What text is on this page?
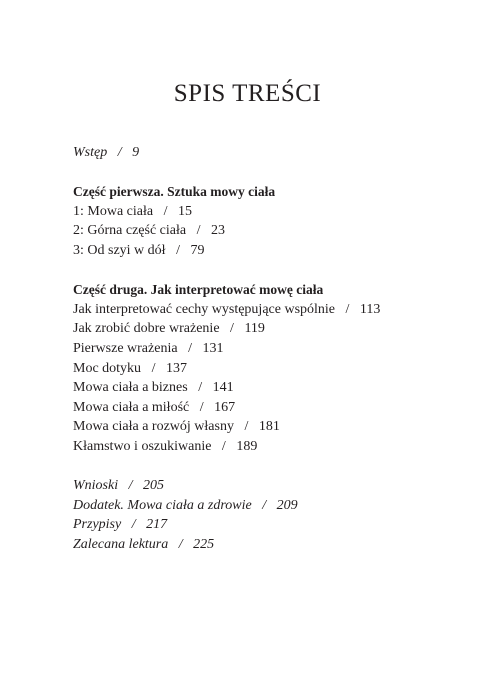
SPIS TREŚCI
Wstęp / 9
Część pierwsza. Sztuka mowy ciała
1: Mowa ciała / 15
2: Górna część ciała / 23
3: Od szyi w dół / 79
Część druga. Jak interpretować mowę ciała
Jak interpretować cechy występujące wspólnie / 113
Jak zrobić dobre wrażenie / 119
Pierwsze wrażenia / 131
Moc dotyku / 137
Mowa ciała a biznes / 141
Mowa ciała a miłość / 167
Mowa ciała a rozwój własny / 181
Kłamstwo i oszukiwanie / 189
Wnioski / 205
Dodatek. Mowa ciała a zdrowie / 209
Przypisy / 217
Zalecana lektura / 225
